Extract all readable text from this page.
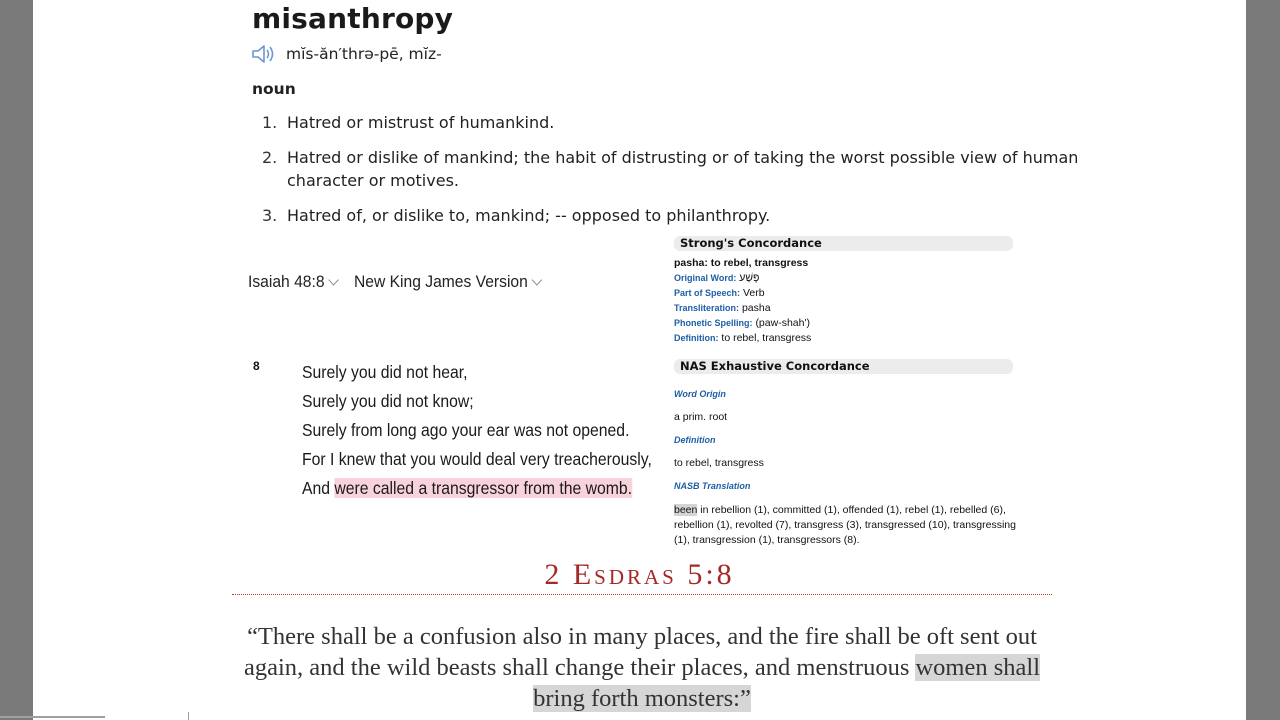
misanthropy
mĭs-ăn′thrə-pē, mĭz-
noun
1. Hatred or mistrust of humankind.
2. Hatred or dislike of mankind; the habit of distrusting or of taking the worst possible view of human character or motives.
3. Hatred of, or dislike to, mankind; -- opposed to philanthropy.
Isaiah 48:8 New King James Version
8 Surely you did not hear,
Surely you did not know;
Surely from long ago your ear was not opened.
For I knew that you would deal very treacherously,
And were called a transgressor from the womb.
Strong's Concordance
pasha: to rebel, transgress
Original Word: פָּשַׁע
Part of Speech: Verb
Transliteration: pasha
Phonetic Spelling: (paw-shah')
Definition: to rebel, transgress
NAS Exhaustive Concordance
Word Origin
a prim. root
Definition
to rebel, transgress
NASB Translation
been in rebellion (1), committed (1), offended (1), rebel (1), rebelled (6), rebellion (1), revolted (7), transgress (3), transgressed (10), transgressing (1), transgression (1), transgressors (8).
2 Esdras 5:8
“There shall be a confusion also in many places, and the fire shall be oft sent out again, and the wild beasts shall change their places, and menstruous women shall bring forth monsters:”
